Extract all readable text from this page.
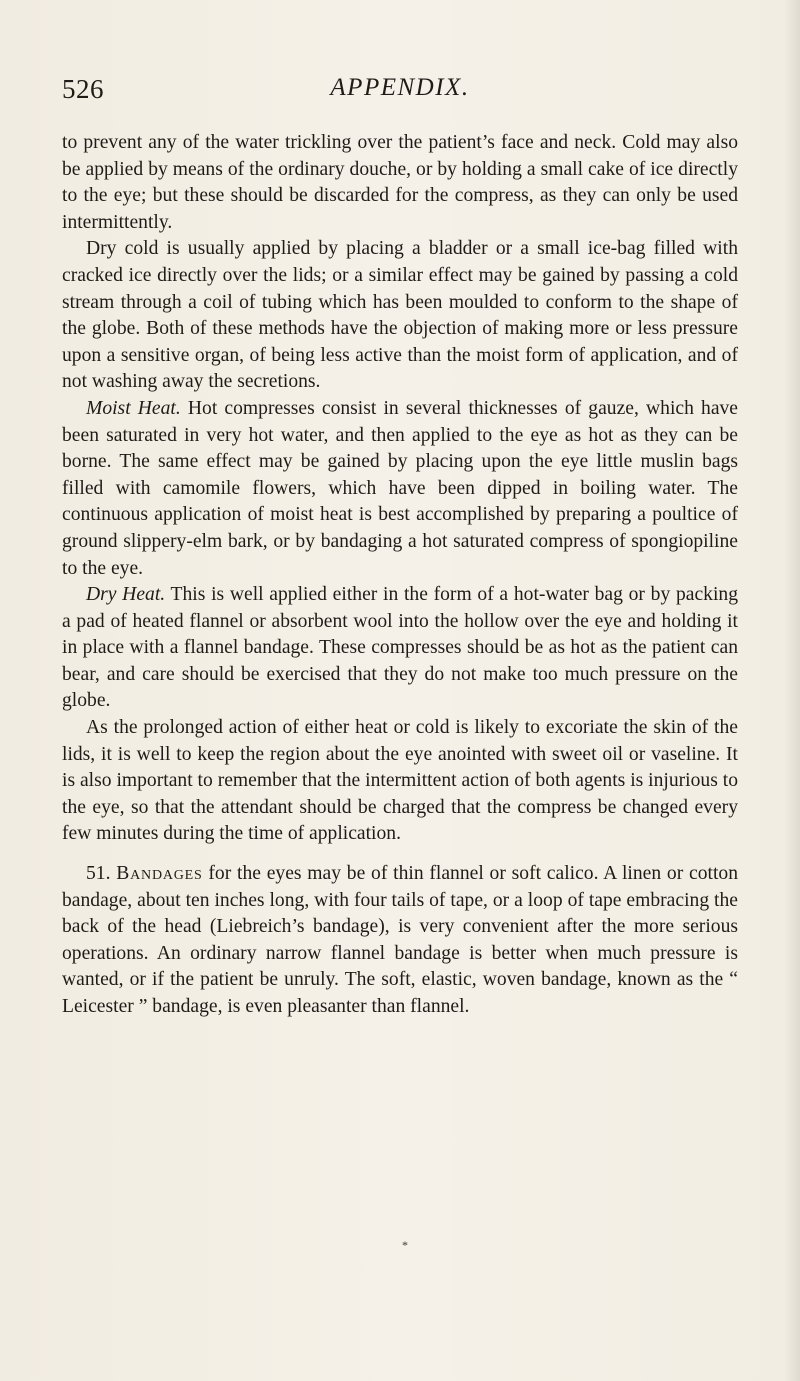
526	APPENDIX.

to prevent any of the water trickling over the patient’s face and neck. Cold may also be applied by means of the ordinary douche, or by holding a small cake of ice directly to the eye; but these should be discarded for the compress, as they can only be used intermittently.

Dry cold is usually applied by placing a bladder or a small ice-bag filled with cracked ice directly over the lids; or a similar effect may be gained by passing a cold stream through a coil of tubing which has been moulded to conform to the shape of the globe. Both of these methods have the objection of making more or less pressure upon a sensitive organ, of being less active than the moist form of application, and of not washing away the secretions.

Moist Heat. Hot compresses consist in several thicknesses of gauze, which have been saturated in very hot water, and then applied to the eye as hot as they can be borne. The same effect may be gained by placing upon the eye little muslin bags filled with camomile flowers, which have been dipped in boiling water. The continuous application of moist heat is best accomplished by preparing a poultice of ground slippery-elm bark, or by bandaging a hot saturated compress of spongiopiline to the eye.

Dry Heat. This is well applied either in the form of a hot-water bag or by packing a pad of heated flannel or absorbent wool into the hollow over the eye and holding it in place with a flannel bandage. These compresses should be as hot as the patient can bear, and care should be exercised that they do not make too much pressure on the globe.

As the prolonged action of either heat or cold is likely to excoriate the skin of the lids, it is well to keep the region about the eye anointed with sweet oil or vaseline. It is also important to remember that the intermittent action of both agents is injurious to the eye, so that the attendant should be charged that the compress be changed every few minutes during the time of application.

51. Bandages for the eyes may be of thin flannel or soft calico. A linen or cotton bandage, about ten inches long, with four tails of tape, or a loop of tape embracing the back of the head (Liebreich’s bandage), is very convenient after the more serious operations. An ordinary narrow flannel bandage is better when much pressure is wanted, or if the patient be unruly. The soft, elastic, woven bandage, known as the “ Leicester ” bandage, is even pleasanter than flannel.

*
